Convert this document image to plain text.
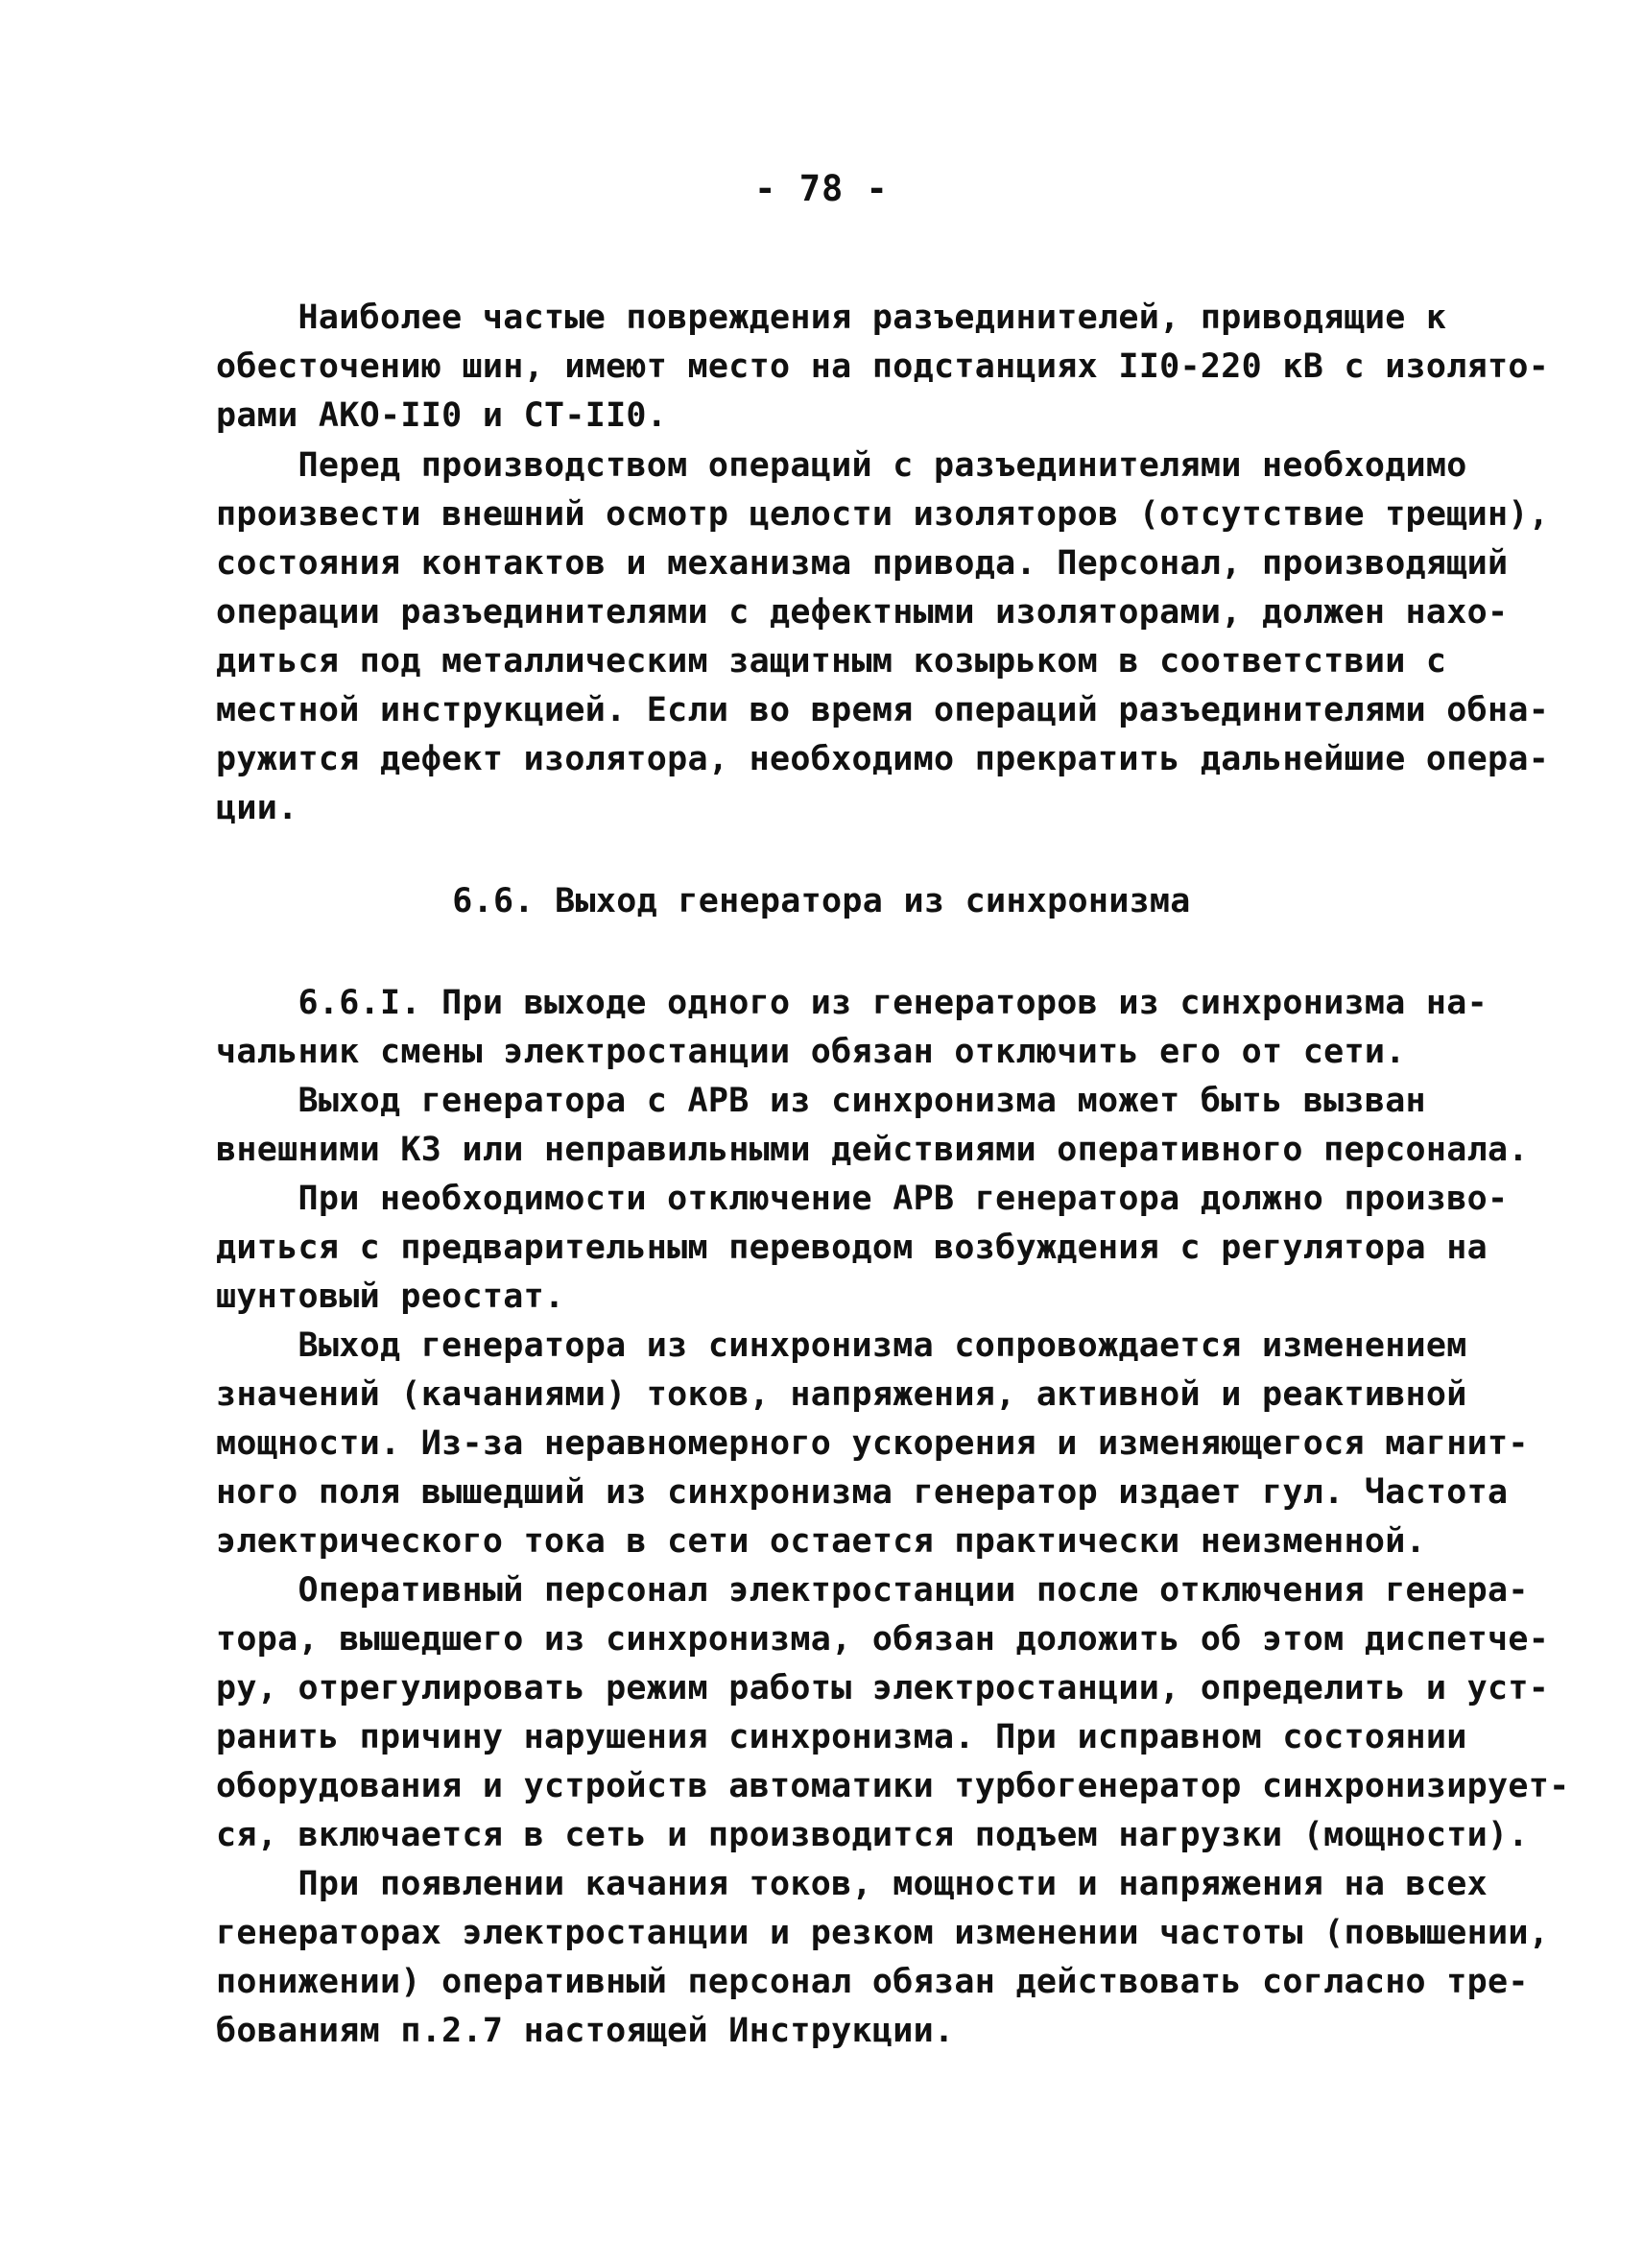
- 78 -
Наиболее частые повреждения разъединителей, приводящие к
обесточению шин, имеют место на подстанциях II0-220 кВ с изолято-
рами АКО-II0 и СТ-II0.
Перед производством операций с разъединителями необходимо
произвести внешний осмотр целости изоляторов (отсутствие трещин),
состояния контактов и механизма привода. Персонал, производящий
операции разъединителями с дефектными изоляторами, должен нахо-
диться под металлическим защитным козырьком в соответствии с
местной инструкцией. Если во время операций разъединителями обна-
ружится дефект изолятора, необходимо прекратить дальнейшие опера-
ции.
6.6. Выход генератора из синхронизма
6.6.I. При выходе одного из генераторов из синхронизма на-
чальник смены электростанции обязан отключить его от сети.
Выход генератора с АРВ из синхронизма может быть вызван
внешними КЗ или неправильными действиями оперативного персонала.
При необходимости отключение АРВ генератора должно произво-
диться с предварительным переводом возбуждения с регулятора на
шунтовый реостат.
Выход генератора из синхронизма сопровождается изменением
значений (качаниями) токов, напряжения, активной и реактивной
мощности. Из-за неравномерного ускорения и изменяющегося магнит-
ного поля вышедший из синхронизма генератор издает гул. Частота
электрического тока в сети остается практически неизменной.
Оперативный персонал электростанции после отключения генера-
тора, вышедшего из синхронизма, обязан доложить об этом диспетче-
ру, отрегулировать режим работы электростанции, определить и уст-
ранить причину нарушения синхронизма. При исправном состоянии
оборудования и устройств автоматики турбогенератор синхронизирует-
ся, включается в сеть и производится подъем нагрузки (мощности).
При появлении качания токов, мощности и напряжения на всех
генераторах электростанции и резком изменении частоты (повышении,
понижении) оперативный персонал обязан действовать согласно тре-
бованиям п.2.7 настоящей Инструкции.
